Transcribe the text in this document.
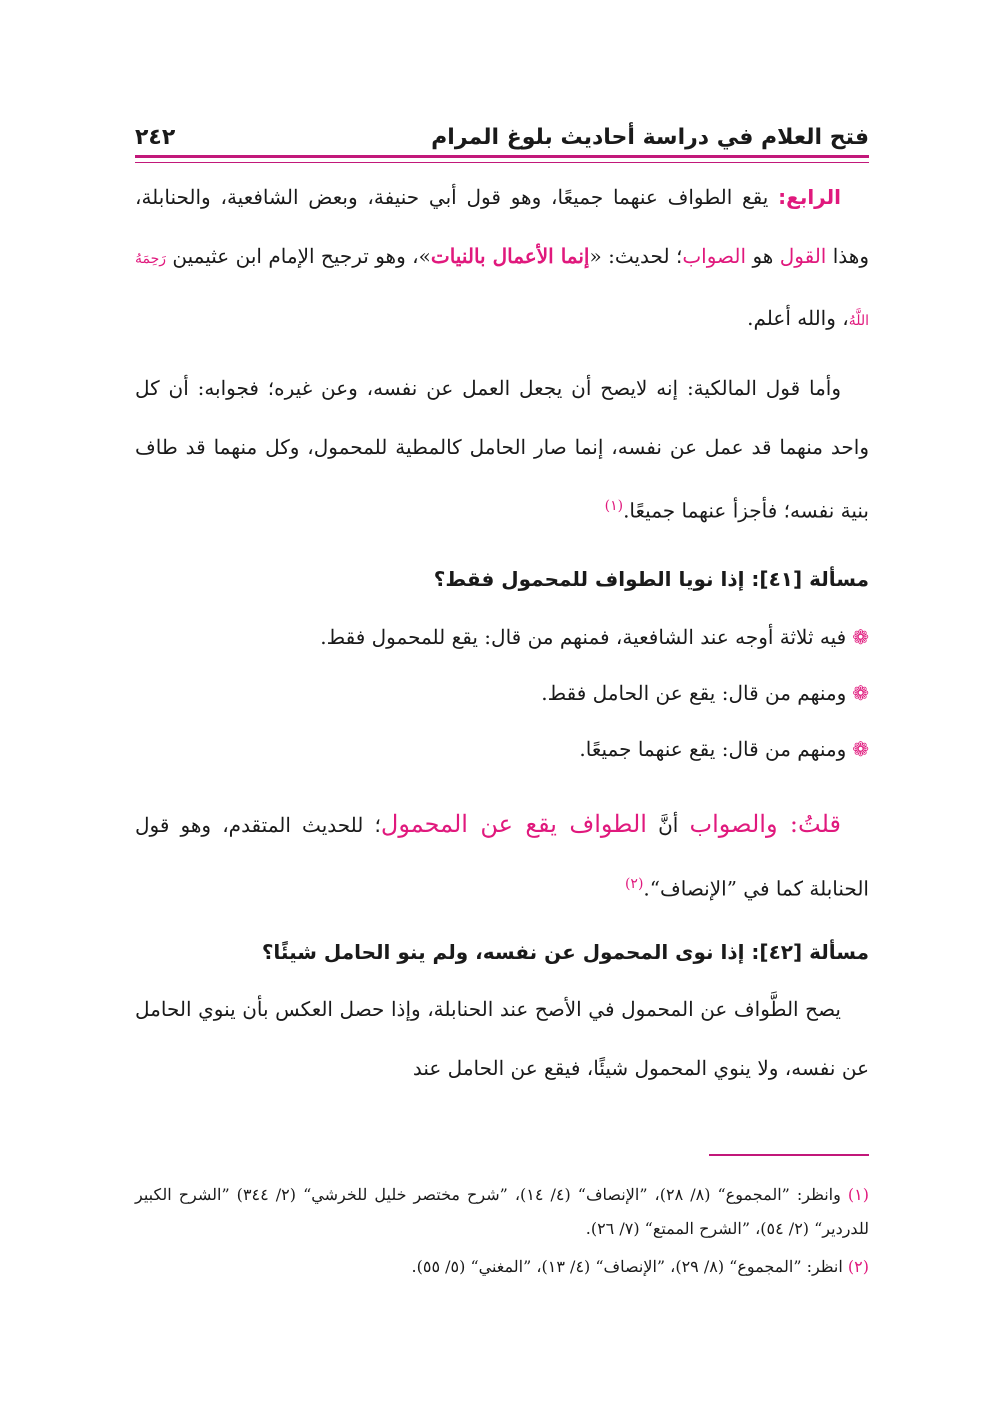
فتح العلام في دراسة أحاديث بلوغ المرام
٢٤٢

الرابع: يقع الطواف عنهما جميعًا، وهو قول أبي حنيفة، وبعض الشافعية، والحنابلة، وهذا القول هو الصواب؛ لحديث: «إنما الأعمال بالنيات»، وهو ترجيح الإمام ابن عثيمين رَحِمَهُ اللَّهُ، والله أعلم.

وأما قول المالكية: إنه لايصح أن يجعل العمل عن نفسه، وعن غيره؛ فجوابه: أن كل واحد منهما قد عمل عن نفسه، إنما صار الحامل كالمطية للمحمول، وكل منهما قد طاف بنية نفسه؛ فأجزأ عنهما جميعًا.$^{(١)}$

مسألة [٤١]: إذا نويا الطواف للمحمول فقط؟

❁فيه ثلاثة أوجه عند الشافعية، فمنهم من قال: يقع للمحمول فقط.

❁ومنهم من قال: يقع عن الحامل فقط.

❁ومنهم من قال: يقع عنهما جميعًا.

قلتُ: والصواب أنَّ الطواف يقع عن المحمول؛ للحديث المتقدم، وهو قول الحنابلة كما في ”الإنصاف“.$^{(٢)}$

مسألة [٤٢]: إذا نوى المحمول عن نفسه، ولم ينو الحامل شيئًا؟

يصح الطَّواف عن المحمول في الأصح عند الحنابلة، وإذا حصل العكس بأن ينوي الحامل عن نفسه، ولا ينوي المحمول شيئًا، فيقع عن الحامل عند

(١) وانظر: ”المجموع“ (٨/ ٢٨)، ”الإنصاف“ (٤/ ١٤)، ”شرح مختصر خليل للخرشي“ (٢/ ٣٤٤) ”الشرح الكبير للدردير“ (٢/ ٥٤)، ”الشرح الممتع“ (٧/ ٢٦).

(٢) انظر: ”المجموع“ (٨/ ٢٩)، ”الإنصاف“ (٤/ ١٣)، ”المغني“ (٥/ ٥٥).
